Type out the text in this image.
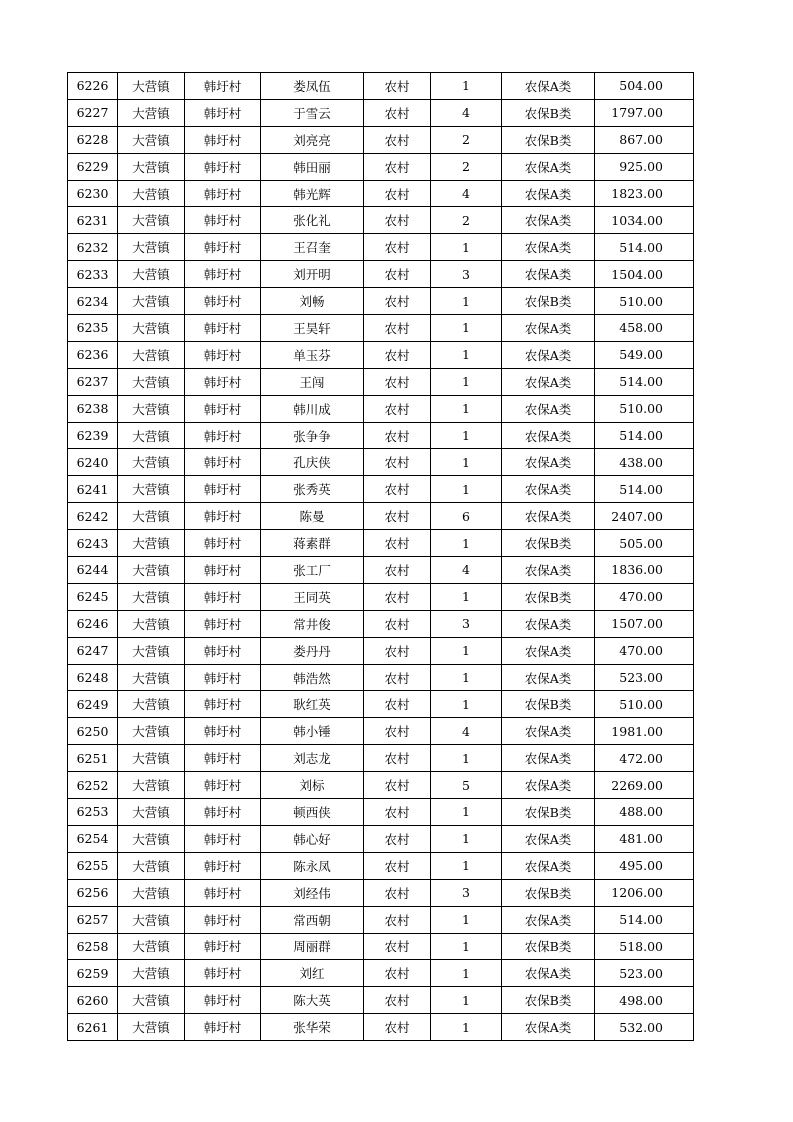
6226	大营镇	韩圩村	娄凤伍	农村	1	农保A类	504.00
6227	大营镇	韩圩村	于雪云	农村	4	农保B类	1797.00
6228	大营镇	韩圩村	刘亮亮	农村	2	农保B类	867.00
6229	大营镇	韩圩村	韩田丽	农村	2	农保A类	925.00
6230	大营镇	韩圩村	韩光辉	农村	4	农保A类	1823.00
6231	大营镇	韩圩村	张化礼	农村	2	农保A类	1034.00
6232	大营镇	韩圩村	王召奎	农村	1	农保A类	514.00
6233	大营镇	韩圩村	刘开明	农村	3	农保A类	1504.00
6234	大营镇	韩圩村	刘畅	农村	1	农保B类	510.00
6235	大营镇	韩圩村	王昊轩	农村	1	农保A类	458.00
6236	大营镇	韩圩村	单玉芬	农村	1	农保A类	549.00
6237	大营镇	韩圩村	王闯	农村	1	农保A类	514.00
6238	大营镇	韩圩村	韩川成	农村	1	农保A类	510.00
6239	大营镇	韩圩村	张争争	农村	1	农保A类	514.00
6240	大营镇	韩圩村	孔庆侠	农村	1	农保A类	438.00
6241	大营镇	韩圩村	张秀英	农村	1	农保A类	514.00
6242	大营镇	韩圩村	陈曼	农村	6	农保A类	2407.00
6243	大营镇	韩圩村	蒋素群	农村	1	农保B类	505.00
6244	大营镇	韩圩村	张工厂	农村	4	农保A类	1836.00
6245	大营镇	韩圩村	王同英	农村	1	农保B类	470.00
6246	大营镇	韩圩村	常井俊	农村	3	农保A类	1507.00
6247	大营镇	韩圩村	娄丹丹	农村	1	农保A类	470.00
6248	大营镇	韩圩村	韩浩然	农村	1	农保A类	523.00
6249	大营镇	韩圩村	耿红英	农村	1	农保B类	510.00
6250	大营镇	韩圩村	韩小锤	农村	4	农保A类	1981.00
6251	大营镇	韩圩村	刘志龙	农村	1	农保A类	472.00
6252	大营镇	韩圩村	刘标	农村	5	农保A类	2269.00
6253	大营镇	韩圩村	顿西侠	农村	1	农保B类	488.00
6254	大营镇	韩圩村	韩心好	农村	1	农保A类	481.00
6255	大营镇	韩圩村	陈永凤	农村	1	农保A类	495.00
6256	大营镇	韩圩村	刘经伟	农村	3	农保B类	1206.00
6257	大营镇	韩圩村	常西朝	农村	1	农保A类	514.00
6258	大营镇	韩圩村	周丽群	农村	1	农保B类	518.00
6259	大营镇	韩圩村	刘红	农村	1	农保A类	523.00
6260	大营镇	韩圩村	陈大英	农村	1	农保B类	498.00
6261	大营镇	韩圩村	张华荣	农村	1	农保A类	532.00
